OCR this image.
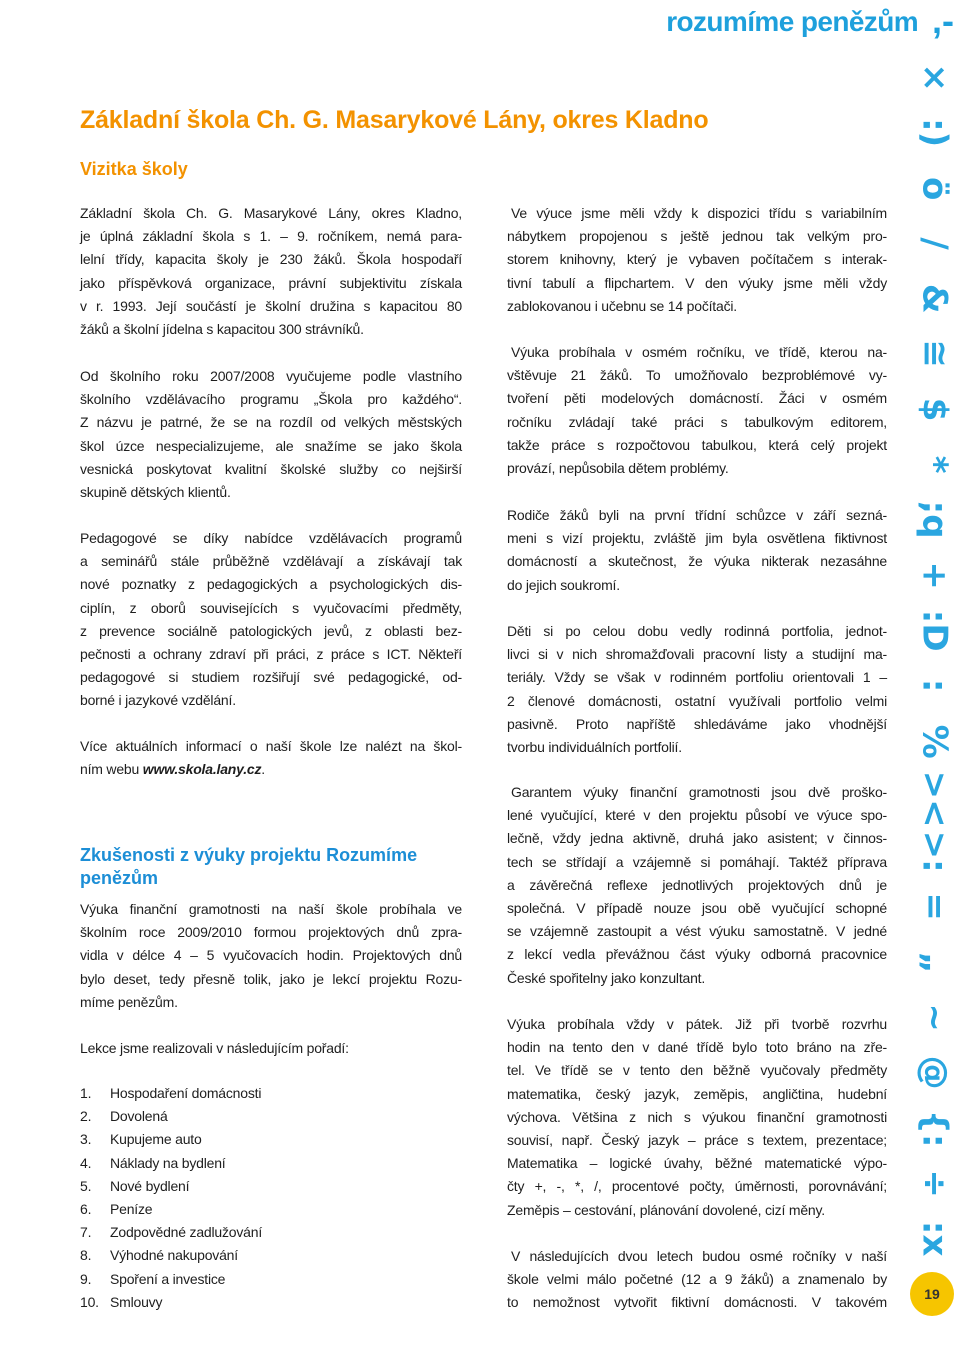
rozumíme penězům ,-
Základní škola Ch. G. Masarykové Lány, okres Kladno
Vizitka školy
Základní škola Ch. G. Masarykové Lány, okres Kladno,
je úplná základní škola s 1. – 9. ročníkem, nemá para-
lelní třídy, kapacita školy je 230 žáků. Škola hospodaří
jako příspěvková organizace, právní subjektivitu získala
v r. 1993. Její součástí je školní družina s kapacitou 80
žáků a školní jídelna s kapacitou 300 strávníků.
Od školního roku 2007/2008 vyučujeme podle vlastního
školního vzdělávacího programu „Škola pro každého“.
Z názvu je patrné, že se na rozdíl od velkých městských
škol úzce nespecializujeme, ale snažíme se jako škola
vesnická poskytovat kvalitní školské služby co nejširší
skupině dětských klientů.
Pedagogové se díky nabídce vzdělávacích programů
a seminářů stále průběžně vzdělávají a získávají tak
nové poznatky z pedagogických a psychologických dis-
ciplín, z oborů souvisejících s vyučovacími předměty,
z prevence sociálně patologických jevů, z oblasti bez-
pečnosti a ochrany zdraví při práci, z práce s ICT. Někteří
pedagogové si studiem rozšiřují své pedagogické, od-
borné i jazykové vzdělání.
Více aktuálních informací o naší škole lze nalézt na škol-
ním webu www.skola.lany.cz.
Zkušenosti z výuky projektu Rozumíme
penězům
Výuka finanční gramotnosti na naší škole probíhala ve
školním roce 2009/2010 formou projektových dnů zpra-
vidla v délce 4 – 5 vyučovacích hodin. Projektových dnů
bylo deset, tedy přesně tolik, jako je lekcí projektu Rozu-
míme penězům.
Lekce jsme realizovali v následujícím pořadí:
1. Hospodaření domácnosti
2. Dovolená
3. Kupujeme auto
4. Náklady na bydlení
5. Nové bydlení
6. Peníze
7. Zodpovědné zadlužování
8. Výhodné nakupování
9. Spoření a investice
10. Smlouvy
Ve výuce jsme měli vždy k dispozici třídu s variabilním
nábytkem propojenou s ještě jednou tak velkým pro-
storem knihovny, který je vybaven počítačem s interak-
tivní tabulí a flipchartem. V den výuky jsme měli vždy
zablokovanou i učebnu se 14 počítači.
Výuka probíhala v osmém ročníku, ve třídě, kterou na-
vštěvuje 21 žáků. To umožňovalo bezproblémové vy-
tvoření pěti modelových domácností. Žáci v osmém
ročníku zvládají také práci s tabulkovým editorem,
takže práce s rozpočtovou tabulkou, která celý projekt
provází, nepůsobila dětem problémy.
Rodiče žáků byli na první třídní schůzce v září sezná-
meni s vizí projektu, zvláště jim byla osvětlena fiktivnost
domácností a skutečnost, že výuka nikterak nezasáhne
do jejich soukromí.
Děti si po celou dobu vedly rodinná portfolia, jednot-
livci si v nich shromažďovali pracovní listy a studijní ma-
teriály. Vždy se však v rodinném portfoliu orientovali 1 –
2 členové domácnosti, ostatní využívali portfolio velmi
pasivně. Proto napříště shledáváme jako vhodnější
tvorbu individuálních portfolií.
Garantem výuky finanční gramotnosti jsou dvě proško-
lené vyučující, které v den projektu působí ve výuce spo-
lečně, vždy jedna aktivně, druhá jako asistent; v činnos-
tech se střídají a vzájemně si pomáhají. Taktéž příprava
a závěrečná reflexe jednotlivých projektových dnů je
společná. V případě nouze jsou obě vyučující schopné
se vzájemně zastoupit a vést výuku samostatně. V jedné
z lekcí vedla převážnou část výuky odborná pracovnice
České spořitelny jako konzultant.
Výuka probíhala vždy v pátek. Již při tvorbě rozvrhu
hodin na tento den v dané třídě bylo toto bráno na zře-
tel. Ve třídě se v tento den běžně vyučovaly předměty
matematika, český jazyk, zeměpis, angličtina, hudební
výchova. Většina z nich s výukou finanční gramotnosti
souvisí, např. Český jazyk – práce s textem, prezentace;
Matematika – logické úvahy, běžné matematické výpo-
čty +, -, *, /, procentové počty, úměrnosti, porovnávání;
Zeměpis – cestování, plánování dovolené, cizí měny.
V následujících dvou letech budou osmé ročníky v naší
škole velmi málo početné (12 a 9 žáků) a znamenalo by
to nemožnost vytvořit fiktivní domácnosti. V takovém
×
:)
ö
/
&
≅
$
*
;q
+
:D
:
%
><
>:
=
„
~
@
{:
÷
:x
19
